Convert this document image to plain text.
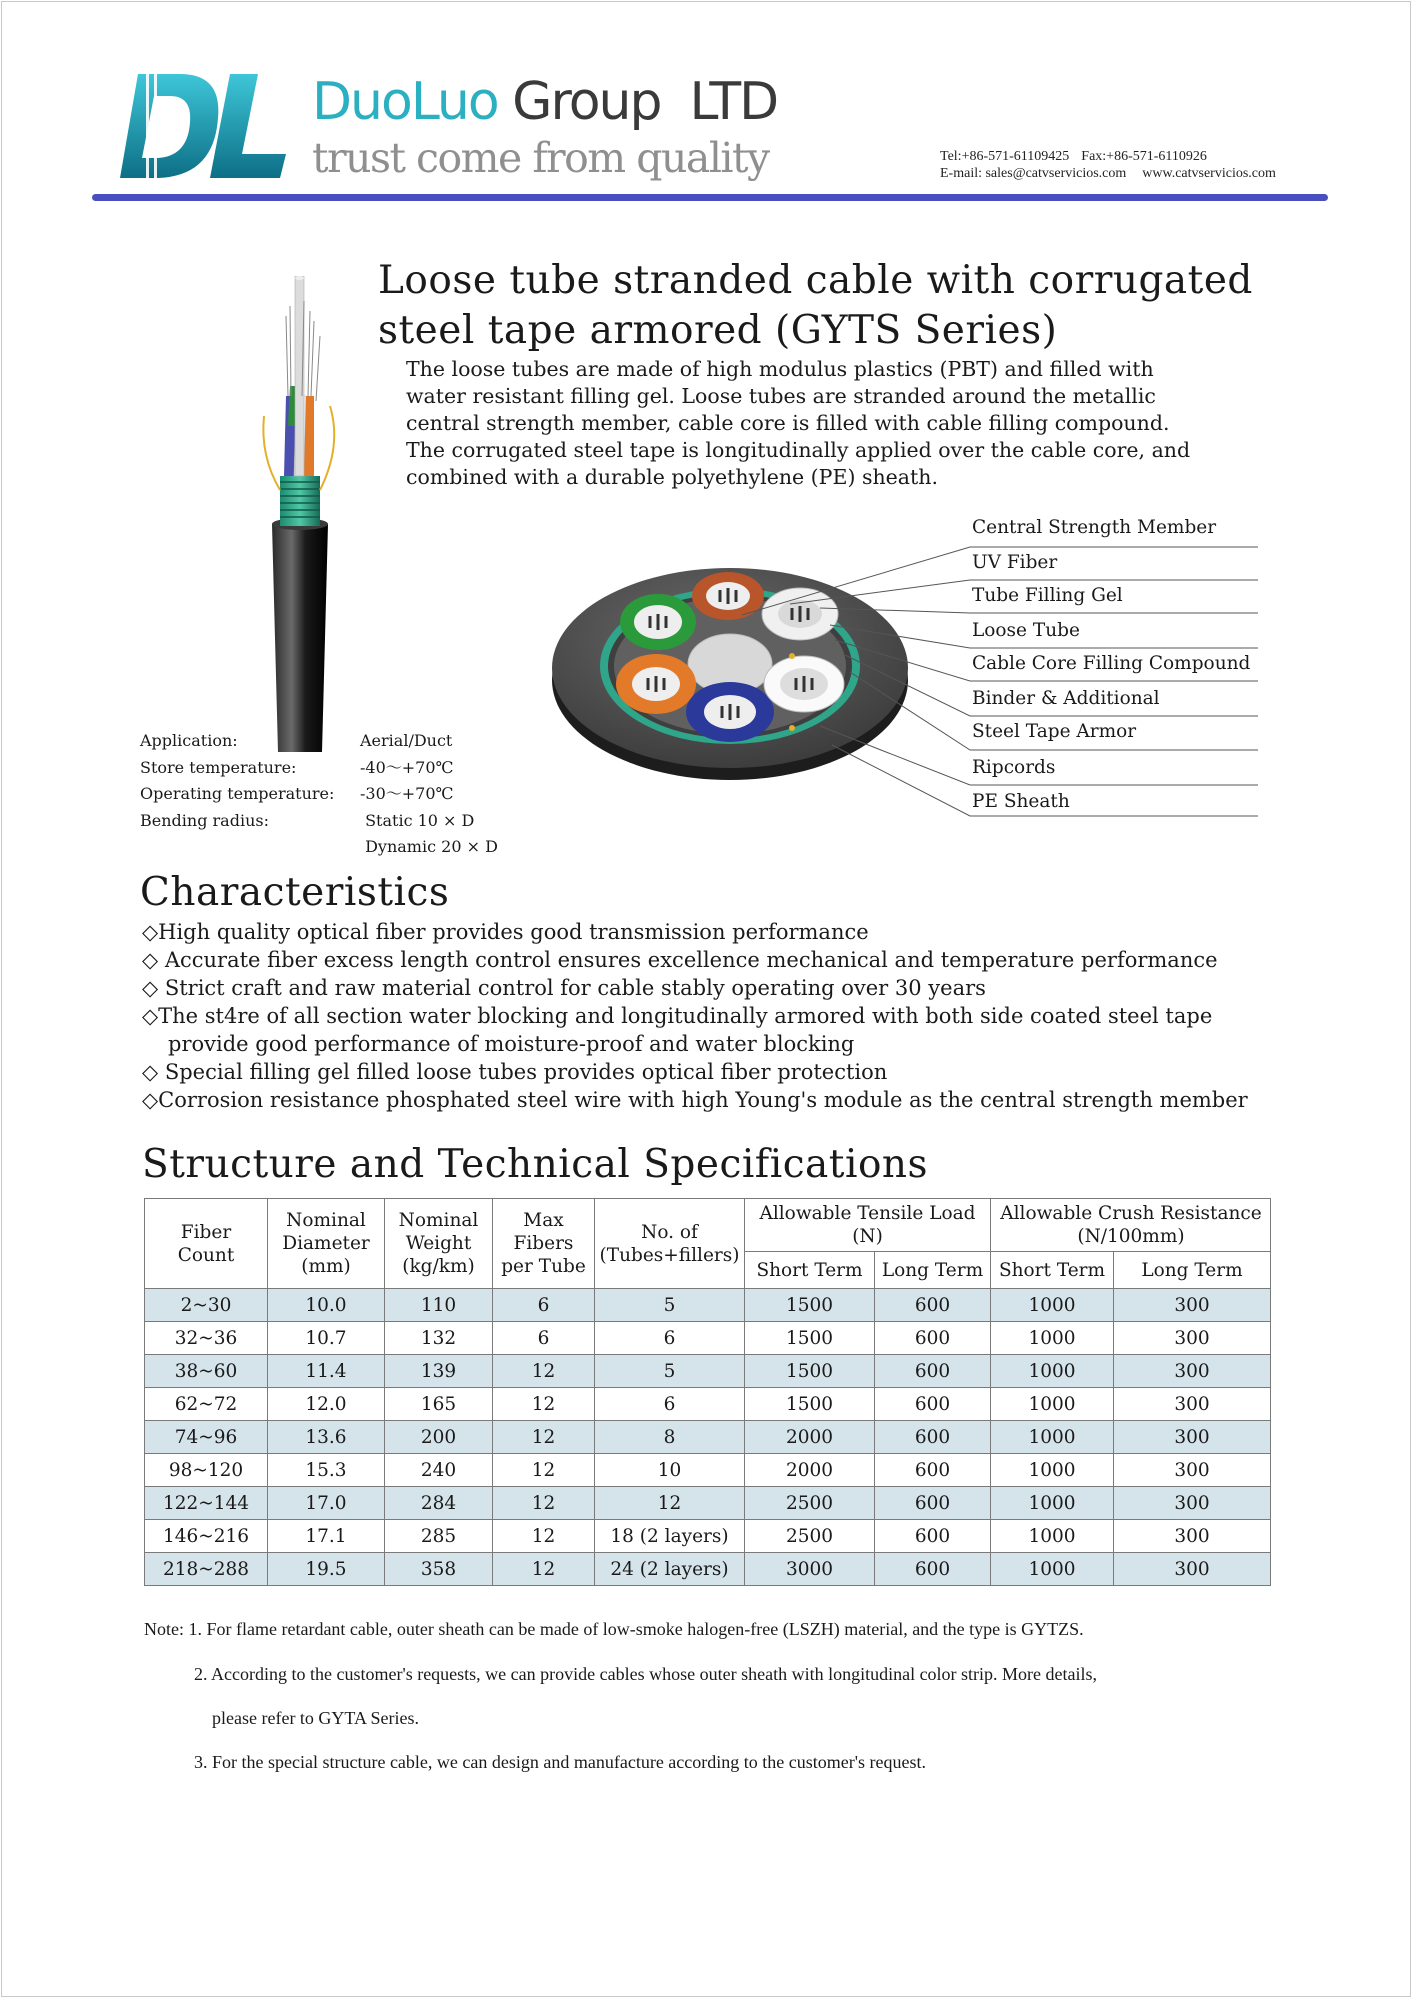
DuoLuo Group  LTD
trust come from quality	Tel:+86-571-61109425 Fax:+86-571-6110926
E-mail: sales@catvservicios.com www.catvservicios.com
Loose tube stranded cable with corrugated
steel tape armored (GYTS Series)
The loose tubes are made of high modulus plastics (PBT) and filled with
water resistant filling gel. Loose tubes are stranded around the metallic
central strength member, cable core is filled with cable filling compound.
The corrugated steel tape is longitudinally applied over the cable core, and
combined with a durable polyethylene (PE) sheath.
Application:	Aerial/Duct
Store temperature:	-40～+70℃
Operating temperature:	-30～+70℃
Bending radius:	Static 10 × D
Dynamic 20 × D
Central Strength Member
UV Fiber
Tube Filling Gel
Loose Tube
Cable Core Filling Compound
Binder & Additional
Steel Tape Armor
Ripcords
PE Sheath
Characteristics
◇High quality optical fiber provides good transmission performance
◇ Accurate fiber excess length control ensures excellence mechanical and temperature performance
◇ Strict craft and raw material control for cable stably operating over 30 years
◇The st4re of all section water blocking and longitudinally armored with both side coated steel tape
provide good performance of moisture-proof and water blocking
◇ Special filling gel filled loose tubes provides optical fiber protection
◇Corrosion resistance phosphated steel wire with high Young's module as the central strength member
Structure and Technical Specifications
Fiber Count	Nominal Diameter (mm)	Nominal Weight (kg/km)	Max Fibers per Tube	No. of (Tubes+fillers)	Allowable Tensile Load (N)		Allowable Crush Resistance (N/100mm)	

					Short Term	Long Term	Short Term	Long Term
2~30	10.0	110	6	5	1500	600	1000	300
32~36	10.7	132	6	6	1500	600	1000	300
38~60	11.4	139	12	5	1500	600	1000	300
62~72	12.0	165	12	6	1500	600	1000	300
74~96	13.6	200	12	8	2000	600	1000	300
98~120	15.3	240	12	10	2000	600	1000	300
122~144	17.0	284	12	12	2500	600	1000	300
146~216	17.1	285	12	18 (2 layers)	2500	600	1000	300
218~288	19.5	358	12	24 (2 layers)	3000	600	1000	300
Note: 1. For flame retardant cable, outer sheath can be made of low-smoke halogen-free (LSZH) material, and the type is GYTZS.
2. According to the customer's requests, we can provide cables whose outer sheath with longitudinal color strip. More details,
please refer to GYTA Series.
3. For the special structure cable, we can design and manufacture according to the customer's request.
